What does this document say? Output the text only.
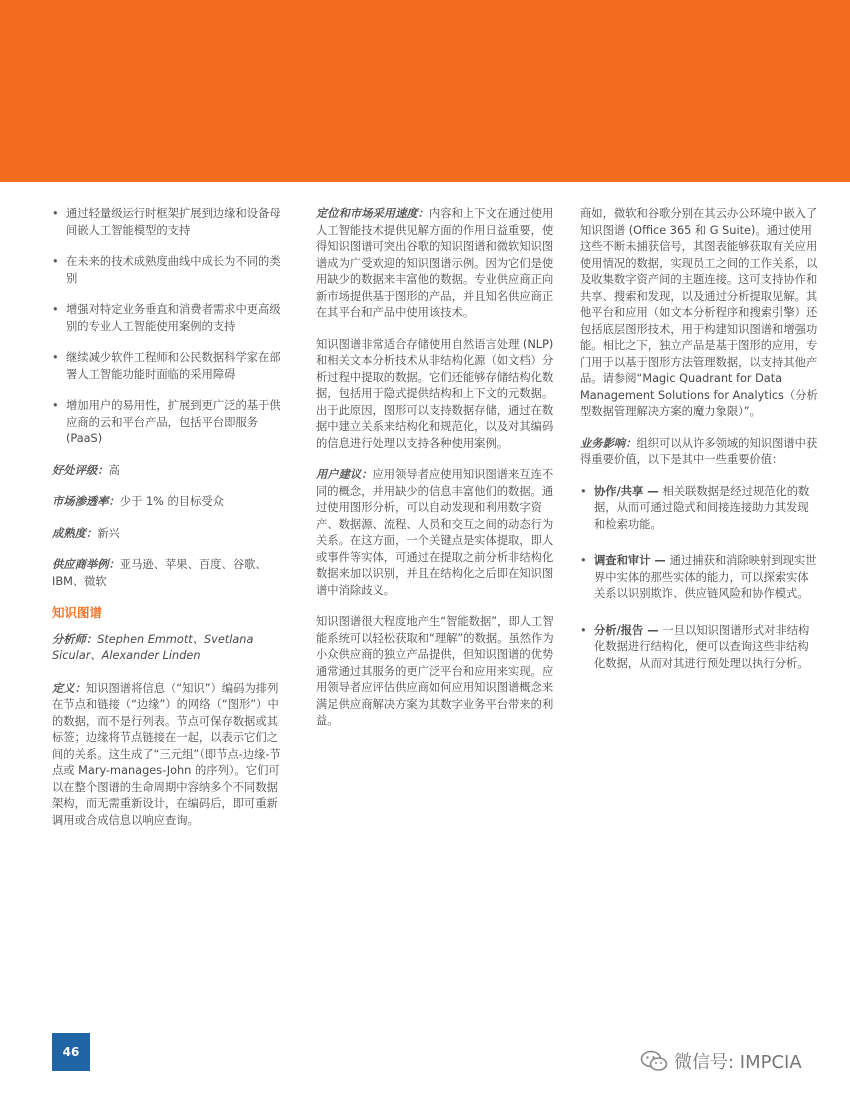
• 通过轻量级运行时框架扩展到边缘和设备母间嵌人工智能模型的支持
• 在未来的技术成熟度曲线中成长为不同的类别
• 增强对特定业务垂直和消费者需求中更高级别的专业人工智能使用案例的支持
• 继续减少软件工程师和公民数据科学家在部署人工智能功能时面临的采用障碍
• 增加用户的易用性，扩展到更广泛的基于供应商的云和平台产品，包括平台即服务 (PaaS)

好处评级：高

市场渗透率：少于 1% 的目标受众

成熟度：新兴

供应商举例：亚马逊、苹果、百度、谷歌、IBM、微软

知识图谱

分析师：Stephen Emmott、Svetlana Sicular、Alexander Linden

定义：知识图谱将信息（“知识”）编码为排列在节点和链接（“边缘”）的网络（“图形”）中的数据，而不是行列表。节点可保存数据或其标签；边缘将节点链接在一起，以表示它们之间的关系。这生成了“三元组”（即节点-边缘-节点或 Mary-manages-John 的序列）。它们可以在整个图谱的生命周期中容纳多个不同数据架构，而无需重新设计，在编码后，即可重新调用或合成信息以响应查询。

定位和市场采用速度：内容和上下文在通过使用人工智能技术提供见解方面的作用日益重要，使得知识图谱可突出谷歌的知识图谱和微软知识图谱成为广受欢迎的知识图谱示例。因为它们是使用缺少的数据来丰富他的数据。专业供应商正向新市场提供基于图形的产品，并且知名供应商正在其平台和产品中使用该技术。

知识图谱非常适合存储使用自然语言处理 (NLP) 和相关文本分析技术从非结构化源（如文档）分析过程中提取的数据。它们还能够存储结构化数据，包括用于隐式提供结构和上下文的元数据。出于此原因，图形可以支持数据存储，通过在数据中建立关系来结构化和规范化，以及对其编码的信息进行处理以支持各种使用案例。

用户建议：应用领导者应使用知识图谱来互连不同的概念，并用缺少的信息丰富他们的数据。通过使用图形分析，可以自动发现和利用数字资产、数据源、流程、人员和交互之间的动态行为关系。在这方面，一个关键点是实体提取，即人或事件等实体，可通过在提取之前分析非结构化数据来加以识别，并且在结构化之后即在知识图谱中消除歧义。

知识图谱很大程度地产生“智能数据”，即人工智能系统可以轻松获取和“理解”的数据。虽然作为小众供应商的独立产品提供，但知识图谱的优势通常通过其服务的更广泛平台和应用来实现。应用领导者应评估供应商如何应用知识图谱概念来满足供应商解决方案为其数字业务平台带来的利益。

商如，微软和谷歌分别在其云办公环境中嵌入了知识图谱 (Office 365 和 G Suite)。通过使用这些不断未捕获信号，其图表能够获取有关应用使用情况的数据，实现员工之间的工作关系，以及收集数字资产间的主题连接。这可支持协作和共享、搜索和发现，以及通过分析提取见解。其他平台和应用（如文本分析程序和搜索引擎）还包括底层图形技术，用于构建知识图谱和增强功能。相比之下，独立产品是基于图形的应用，专门用于以基于图形方法管理数据，以支持其他产品。请参阅“Magic Quadrant for Data Management Solutions for Analytics（分析型数据管理解决方案的魔力象限）”。

业务影响：组织可以从许多领域的知识图谱中获得重要价值，以下是其中一些重要价值：

• 协作/共享 — 相关联数据是经过规范化的数据，从而可通过隐式和间接连接助力其发现和检索功能。
• 调查和审计 — 通过捕获和消除映射到现实世界中实体的那些实体的能力，可以探索实体关系以识别欺诈、供应链风险和协作模式。
• 分析/报告 — 一旦以知识图谱形式对非结构化数据进行结构化，便可以查询这些非结构化数据，从而对其进行预处理以执行分析。
46	微信号: IMPCIA
